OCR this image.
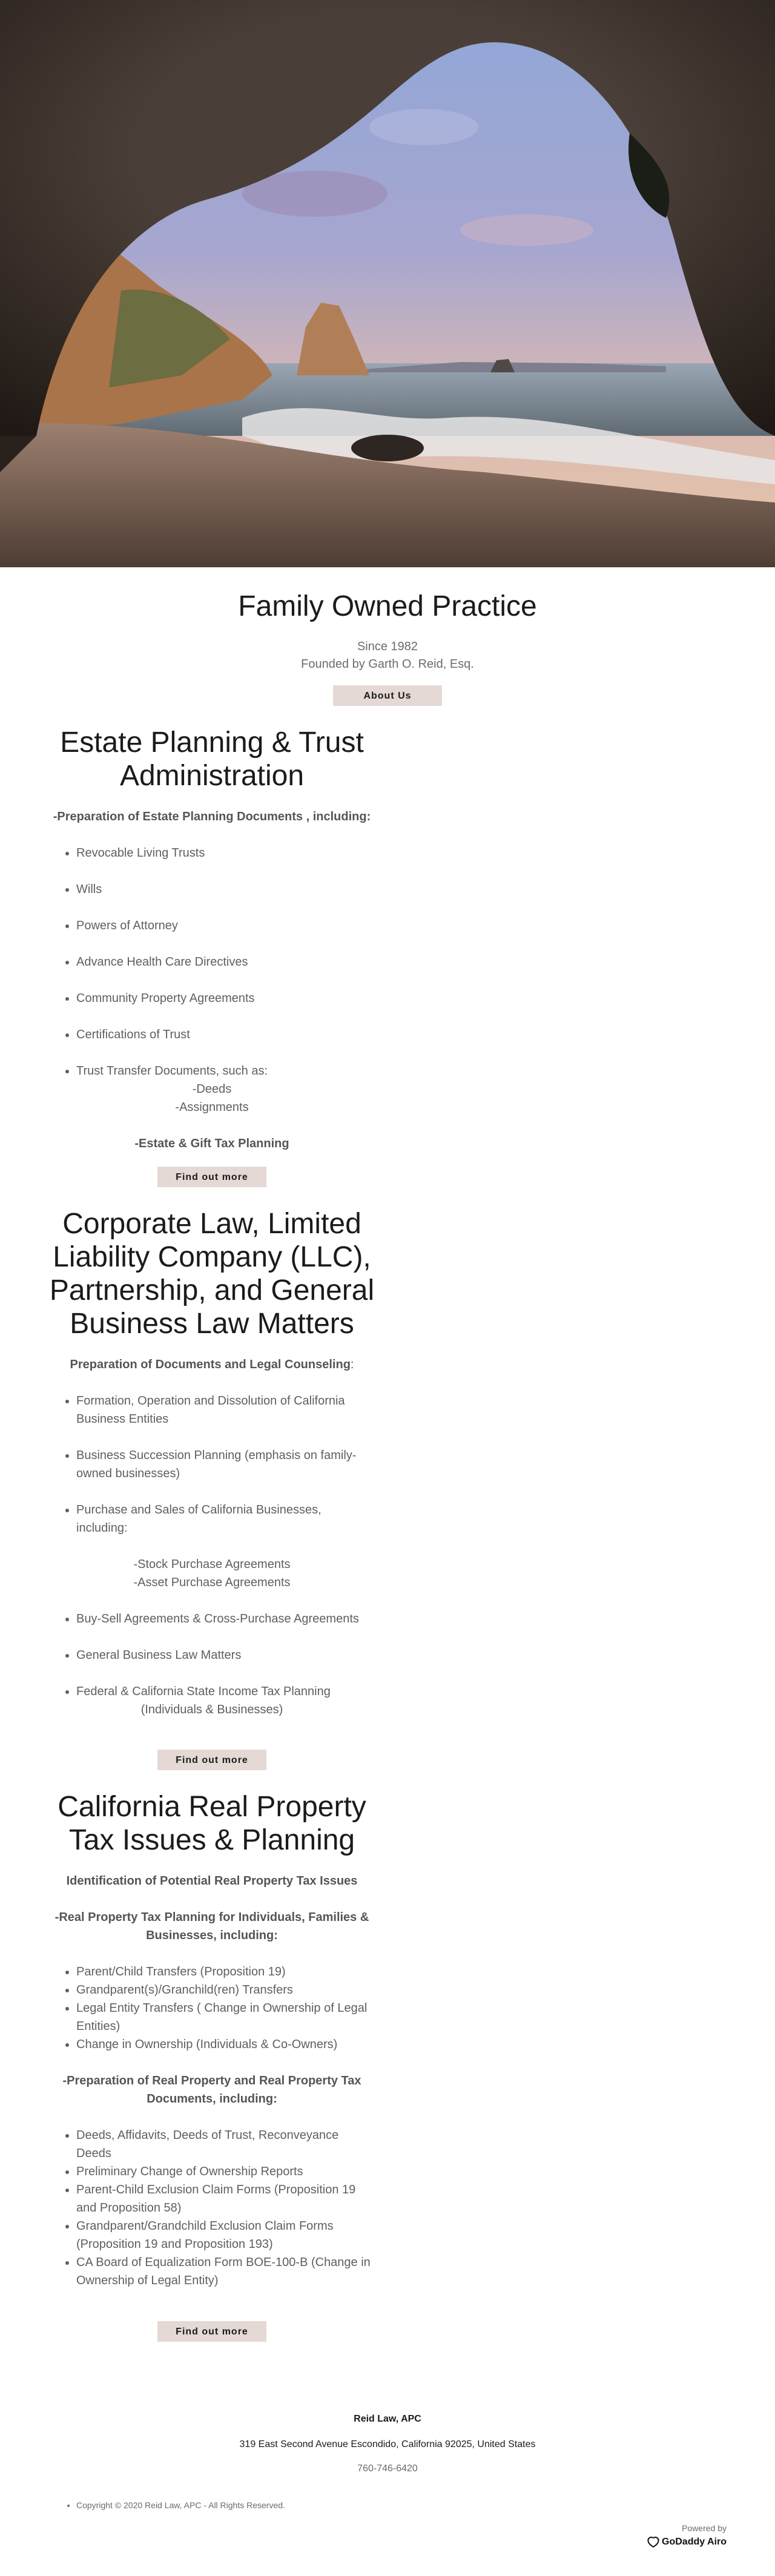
Family Owned Practice
Since 1982
Founded by Garth O. Reid, Esq.
About Us
Estate Planning & Trust Administration
-Preparation of Estate Planning Documents , including:
• Revocable Living Trusts
• Wills
• Powers of Attorney
• Advance Health Care Directives
• Community Property Agreements
• Certifications of Trust
• Trust Transfer Documents, such as:
-Deeds
-Assignments
-Estate & Gift Tax Planning
Find out more
Corporate Law, Limited Liability Company (LLC), Partnership, and General Business Law Matters
Preparation of Documents and Legal Counseling:
• Formation, Operation and Dissolution of California Business Entities
• Business Succession Planning (emphasis on family-owned businesses)
• Purchase and Sales of California Businesses, including:
-Stock Purchase Agreements
-Asset Purchase Agreements
• Buy-Sell Agreements & Cross-Purchase Agreements
• General Business Law Matters
• Federal & California State Income Tax Planning
(Individuals & Businesses)
Find out more
California Real Property Tax Issues & Planning
Identification of Potential Real Property Tax Issues
-Real Property Tax Planning for Individuals, Families & Businesses, including:
• Parent/Child Transfers (Proposition 19)
• Grandparent(s)/Granchild(ren) Transfers
• Legal Entity Transfers ( Change in Ownership of Legal Entities)
• Change in Ownership (Individuals & Co-Owners)
-Preparation of Real Property and Real Property Tax Documents, including:
• Deeds, Affidavits, Deeds of Trust, Reconveyance Deeds
• Preliminary Change of Ownership Reports
• Parent-Child Exclusion Claim Forms (Proposition 19 and Proposition 58)
• Grandparent/Grandchild Exclusion Claim Forms (Proposition 19 and Proposition 193)
• CA Board of Equalization Form BOE-100-B (Change in Ownership of Legal Entity)
Find out more
Reid Law, APC
319 East Second Avenue Escondido, California 92025, United States
760-746-6420
• Copyright © 2020 Reid Law, APC - All Rights Reserved.
Powered by
GoDaddy Airo
